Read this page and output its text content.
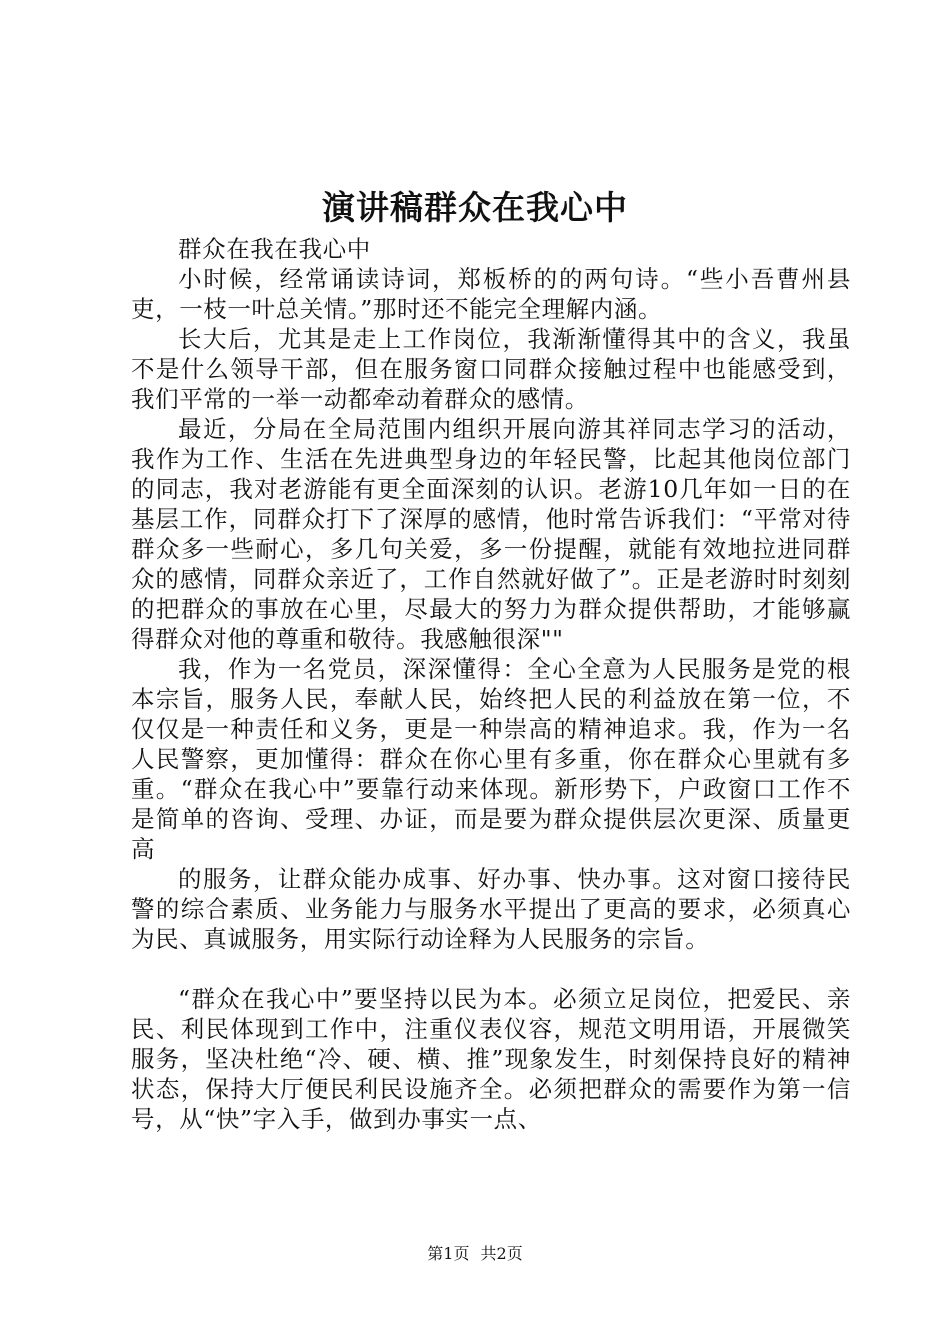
演讲稿群众在我心中

群众在我在我心中

小时候，经常诵读诗词，郑板桥的的两句诗。“些小吾曹州县吏，一枝一叶总关情。”那时还不能完全理解内涵。

长大后，尤其是走上工作岗位，我渐渐懂得其中的含义，我虽不是什么领导干部，但在服务窗口同群众接触过程中也能感受到，我们平常的一举一动都牵动着群众的感情。

最近，分局在全局范围内组织开展向游其祥同志学习的活动，我作为工作、生活在先进典型身边的年轻民警，比起其他岗位部门的同志，我对老游能有更全面深刻的认识。老游10几年如一日的在基层工作，同群众打下了深厚的感情，他时常告诉我们：“平常对待群众多一些耐心，多几句关爱，多一份提醒，就能有效地拉进同群众的感情，同群众亲近了，工作自然就好做了”。正是老游时时刻刻的把群众的事放在心里，尽最大的努力为群众提供帮助，才能够赢得群众对他的尊重和敬待。我感触很深""

我，作为一名党员，深深懂得：全心全意为人民服务是党的根本宗旨，服务人民，奉献人民，始终把人民的利益放在第一位，不仅仅是一种责任和义务，更是一种崇高的精神追求。我，作为一名人民警察，更加懂得：群众在你心里有多重，你在群众心里就有多重。“群众在我心中”要靠行动来体现。新形势下，户政窗口工作不是简单的咨询、受理、办证，而是要为群众提供层次更深、质量更高

的服务，让群众能办成事、好办事、快办事。这对窗口接待民警的综合素质、业务能力与服务水平提出了更高的要求，必须真心为民、真诚服务，用实际行动诠释为人民服务的宗旨。

“群众在我心中”要坚持以民为本。必须立足岗位，把爱民、亲民、利民体现到工作中，注重仪表仪容，规范文明用语，开展微笑服务，坚决杜绝“冷、硬、横、推”现象发生，时刻保持良好的精神状态，保持大厅便民利民设施齐全。必须把群众的需要作为第一信号，从“快”字入手，做到办事实一点、

第1页 共2页
